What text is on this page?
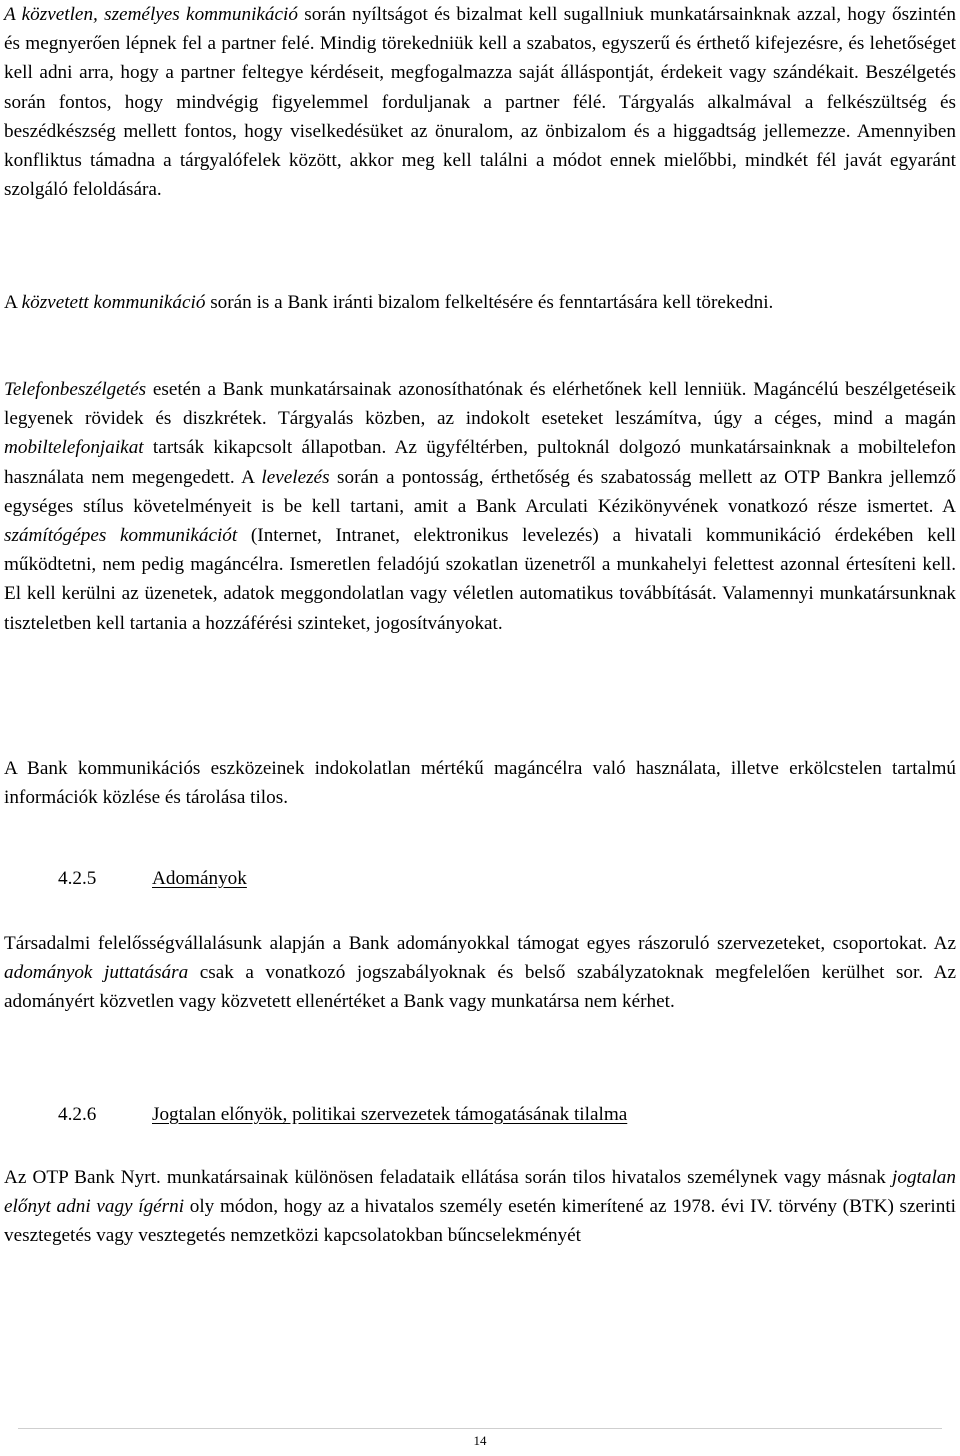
A közvetlen, személyes kommunikáció során nyíltságot és bizalmat kell sugallniuk munkatársainknak azzal, hogy őszintén és megnyerően lépnek fel a partner felé. Mindig törekedniük kell a szabatos, egyszerű és érthető kifejezésre, és lehetőséget kell adni arra, hogy a partner feltegye kérdéseit, megfogalmazza saját álláspontját, érdekeit vagy szándékait. Beszélgetés során fontos, hogy mindvégig figyelemmel forduljanak a partner félé. Tárgyalás alkalmával a felkészültség és beszédkészség mellett fontos, hogy viselkedésüket az önuralom, az önbizalom és a higgadtság jellemezze. Amennyiben konfliktus támadna a tárgyalófelek között, akkor meg kell találni a módot ennek mielőbbi, mindkét fél javát egyaránt szolgáló feloldására.

A közvetett kommunikáció során is a Bank iránti bizalom felkeltésére és fenntartására kell törekedni.

Telefonbeszélgetés esetén a Bank munkatársainak azonosíthatónak és elérhetőnek kell lenniük. Magáncélú beszélgetéseik legyenek rövidek és diszkrétek. Tárgyalás közben, az indokolt eseteket leszámítva, úgy a céges, mind a magán mobiltelefonjaikat tartsák kikapcsolt állapotban. Az ügyféltérben, pultoknál dolgozó munkatársainknak a mobiltelefon használata nem megengedett. A levelezés során a pontosság, érthetőség és szabatosság mellett az OTP Bankra jellemző egységes stílus követelményeit is be kell tartani, amit a Bank Arculati Kézikönyvének vonatkozó része ismertet. A számítógépes kommunikációt (Internet, Intranet, elektronikus levelezés) a hivatali kommunikáció érdekében kell működtetni, nem pedig magáncélra. Ismeretlen feladójú szokatlan üzenetről a munkahelyi felettest azonnal értesíteni kell. El kell kerülni az üzenetek, adatok meggondolatlan vagy véletlen automatikus továbbítását. Valamennyi munkatársunknak tiszteletben kell tartania a hozzáférési szinteket, jogosítványokat.

A Bank kommunikációs eszközeinek indokolatlan mértékű magáncélra való használata, illetve erkölcstelen tartalmú információk közlése és tárolása tilos.

4.2.5	Adományok

Társadalmi felelősségvállalásunk alapján a Bank adományokkal támogat egyes rászoruló szervezeteket, csoportokat. Az adományok juttatására csak a vonatkozó jogszabályoknak és belső szabályzatoknak megfelelően kerülhet sor. Az adományért közvetlen vagy közvetett ellenértéket a Bank vagy munkatársa nem kérhet.

4.2.6	Jogtalan előnyök, politikai szervezetek támogatásának tilalma

Az OTP Bank Nyrt. munkatársainak különösen feladataik ellátása során tilos hivatalos személynek vagy másnak jogtalan előnyt adni vagy ígérni oly módon, hogy az a hivatalos személy esetén kimerítené az 1978. évi IV. törvény (BTK) szerinti vesztegetés vagy vesztegetés nemzetközi kapcsolatokban bűncselekményét

14
